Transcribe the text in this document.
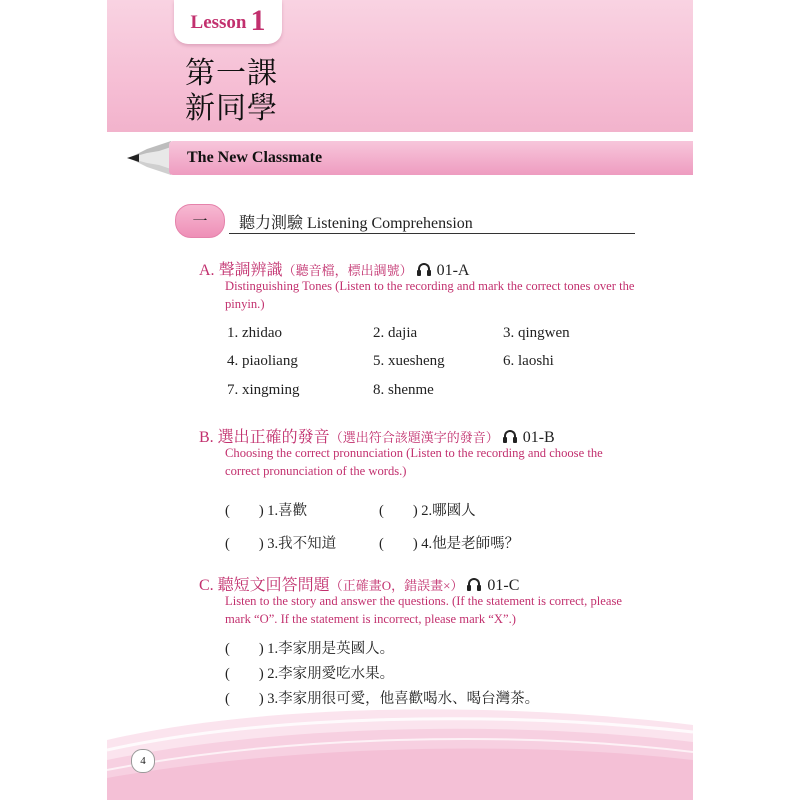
Lesson 1
第一課
新同學
The New Classmate
一	聽力測驗 Listening Comprehension
A. 聲調辨識（聽音檔，標出調號） 01-A
Distinguishing Tones (Listen to the recording and mark the correct tones over the pinyin.)
1. zhidao	2. dajia	3. qingwen
4. piaoliang	5. xuesheng	6. laoshi
7. xingming	8. shenme
B. 選出正確的發音（選出符合該題漢字的發音） 01-B
Choosing the correct pronunciation (Listen to the recording and choose the correct pronunciation of the words.)
(　　) 1.喜歡	(　　) 2.哪國人
(　　) 3.我不知道	(　　) 4.他是老師嗎？
C. 聽短文回答問題（正確畫O，錯誤畫×） 01-C
Listen to the story and answer the questions. (If the statement is correct, please mark “O”. If the statement is incorrect, please mark “X”.)
(　　) 1.李家朋是英國人。
(　　) 2.李家朋愛吃水果。
(　　) 3.李家朋很可愛，他喜歡喝水、喝台灣茶。
4
